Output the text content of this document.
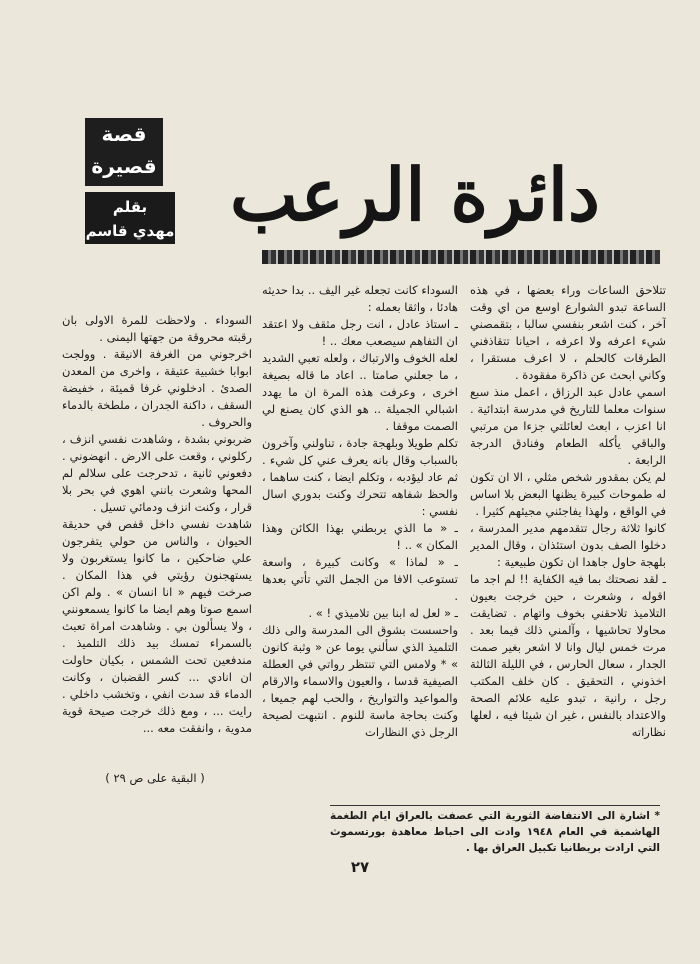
قصة
قصيرة
بقلم
مهدي قاسم دائرة الرعب

تتلاحق الساعات وراء بعضها ، في هذه الساعة تبدو الشوارع اوسع من اي وقت آخر ، كنت اشعر بنفسي سالبا ، بتقمصني شيء اعرفه ولا اعرفه ، احيانا تتقاذفني الطرقات كالحلم ، لا اعرف مستقرا ، وكاني ابحث عن ذاكرة مفقودة .

اسمي عادل عبد الرزاق ، اعمل منذ سبع سنوات معلما للتاريخ في مدرسة ابتدائية . انا اعزب ، ابعث لعائلتي جزءا من مرتبي والباقي يأكله الطعام وفنادق الدرجة الرابعة .

لم يكن بمقدور شخص مثلي ، الا ان تكون له طموحات كبيرة يظنها البعض بلا اساس في الواقع ، ولهذا يفاجئني مجيئهم كثيرا .

كانوا ثلاثة رجال تتقدمهم مدير المدرسة ، دخلوا الصف بدون استئذان ، وقال المدير بلهجة حاول جاهدا ان تكون طبيعية :

ـ لقد نصحتك بما فيه الكفاية !! لم اجد ما اقوله ، وشعرت ، حين خرجت بعيون التلاميذ تلاحقني بخوف واتهام . تضايقت محاولا تحاشيها ، وآلمني ذلك فيما بعد . مرت خمس ليال وانا لا اشعر بغير صمت الجدار ، سعال الحارس ، في الليلة الثالثة اخذوني ، التحقيق . كان خلف المكتب رجل ، رانية ، تبدو عليه علائم الصحة والاعتداد بالنفس ، غير ان شيئا فيه ، لعلها نظاراته

السوداء كانت تجعله غير اليف .. بدا حديثه هادئا ، واثقا بعمله :

ـ استاذ عادل ، انت رجل مثقف ولا اعتقد ان التفاهم سيصعب معك .. !

لعله الخوف والارتباك ، ولعله تعبي الشديد ، ما جعلني صامتا .. اعاد ما قاله بصيغة اخرى ، وعرفت هذه المرة ان ما يهدد اشبالي الجميلة .. هو الذي كان يصنع لي الصمت موقفا .

تكلم طويلا وبلهجة جادة ، تناولني وآخرون بالسباب وقال بانه يعرف عني كل شيء . ثم عاد ليؤدبه ، وتكلم ايضا ، كنت ساهما ، والحظ شفاهه تتحرك وكنت بدوري اسال نفسي :

ـ « ما الذي يربطني بهذا الكائن وهذا المكان » .. !

ـ « لماذا » وكانت كبيرة ، واسعة تستوعب الافا من الجمل التي تأتي بعدها .

ـ « لعل له ابنا بين تلاميذي ! » .

واحسست بشوق الى المدرسة والى ذلك التلميذ الذي سألني يوما عن « وثبة كانون » * ولامس التي تنتظر رواتي في العطلة الصيفية قدسا ، والعيون والاسماء والارقام والمواعيد والتواريخ ، والحب لهم جميعا ، وكنت بحاجة ماسة للنوم . انتبهت لصيحة الرجل ذي النظارات

السوداء . ولاحظت للمرة الاولى بان رقبته محروقة من جهتها اليمنى .

اخرجوني من الغرفة الانيقة . وولجت ابوابا خشبية عتيقة ، واخرى من المعدن الصدئ . ادخلوني غرفا قميئة ، خفيضة السقف ، داكنة الجدران ، ملطخة بالدماء والحروف .

ضربوني بشدة ، وشاهدت نفسي انزف ، ركلوني ، وقعت على الارض . انهضوني . دفعوني ثانية ، تدحرجت على سلالم لم المحها وشعرت بانني اهوي في بحر بلا قرار ، وكنت انزف ودمائي تسيل .

شاهدت نفسي داخل قفص في حديقة الحيوان ، والناس من حولي يتفرجون علي ضاحكين ، ما كانوا يستغربون ولا يستهجنون رؤيتي في هذا المكان . صرخت فيهم « انا انسان » . ولم اكن اسمع صوتا وهم ايضا ما كانوا يسمعونني ، ولا يسألون بي . وشاهدت امراة تعبث بالسمراء تمسك بيد ذلك التلميذ . مندفعين تحت الشمس ، بكيان حاولت ان انادي ... كسر القضبان ، وكانت الدماء قد سدت انفي ، وتخشب داخلي . رايت ... ، ومع ذلك خرجت صيحة قوية مدوية ، وانفقت معه ...

( البقية على ص ٢٩ )
* اشارة الى الانتفاضة الثورية التي عصفت بالعراق ايام الطغمة الهاشمية في العام ١٩٤٨ وادت الى احباط معاهدة بورتسموث التي ارادت بريطانيا تكبيل العراق بها .
٢٧
